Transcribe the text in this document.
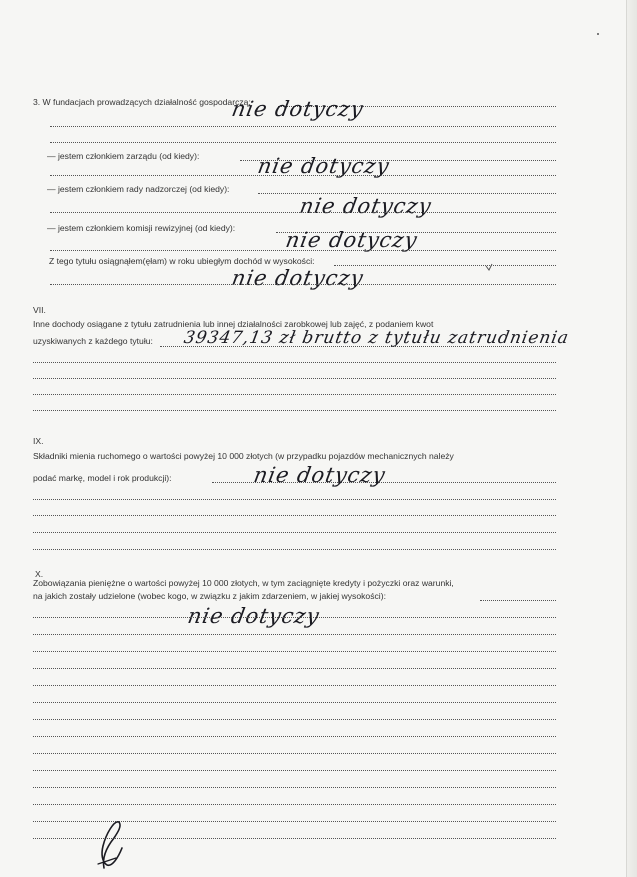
3. W fundacjach prowadzących działalność gospodarczą:
nie dotyczy
— jestem członkiem zarządu (od kiedy):	nie dotyczy
— jestem członkiem rady nadzorczej (od kiedy):
nie dotyczy
— jestem członkiem komisji rewizyjnej (od kiedy): nie dotyczy
Z tego tytułu osiągnąłem(ęłam) w roku ubiegłym dochód w wysokości:
nie dotyczy
VII.
Inne dochody osiągane z tytułu zatrudnienia lub innej działalności zarobkowej lub zajęć, z podaniem kwot
uzyskiwanych z każdego tytułu: 39347,13 zł brutto z tytułu zatrudnienia
IX.
Składniki mienia ruchomego o wartości powyżej 10 000 złotych (w przypadku pojazdów mechanicznych należy
podać markę, model i rok produkcji):	nie dotyczy
X.
Zobowiązania pieniężne o wartości powyżej 10 000 złotych, w tym zaciągnięte kredyty i pożyczki oraz warunki,
na jakich zostały udzielone (wobec kogo, w związku z jakim zdarzeniem, w jakiej wysokości):
nie dotyczy
